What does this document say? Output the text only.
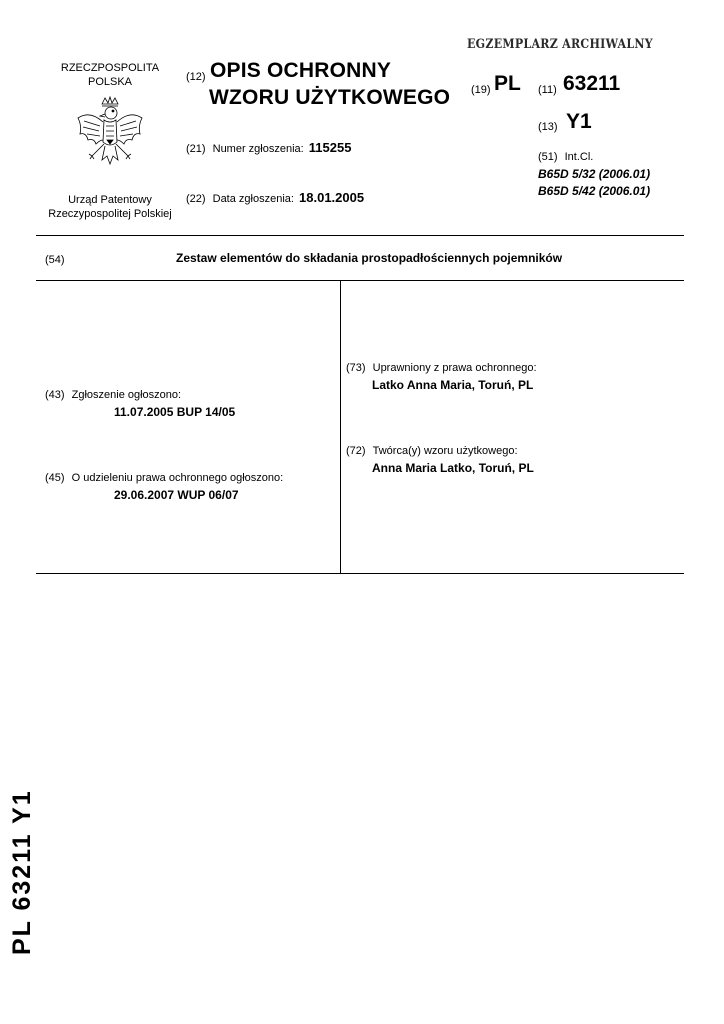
EGZEMPLARZ ARCHIWALNY
RZECZPOSPOLITA
POLSKA
Urząd Patentowy
Rzeczypospolitej Polskiej
(12) OPIS OCHRONNY
WZORU UŻYTKOWEGO
(21) Numer zgłoszenia: 115255
(22) Data zgłoszenia: 18.01.2005
(19) PL (11) 63211
(13) Y1
(51) Int.Cl.
B65D 5/32 (2006.01)
B65D 5/42 (2006.01)
(54)	Zestaw elementów do składania prostopadłościennych pojemników
(43) Zgłoszenie ogłoszono:
11.07.2005 BUP 14/05
(45) O udzieleniu prawa ochronnego ogłoszono:
29.06.2007 WUP 06/07
(73) Uprawniony z prawa ochronnego:
Latko Anna Maria, Toruń, PL
(72) Twórca(y) wzoru użytkowego:
Anna Maria Latko, Toruń, PL
PL 63211 Y1
